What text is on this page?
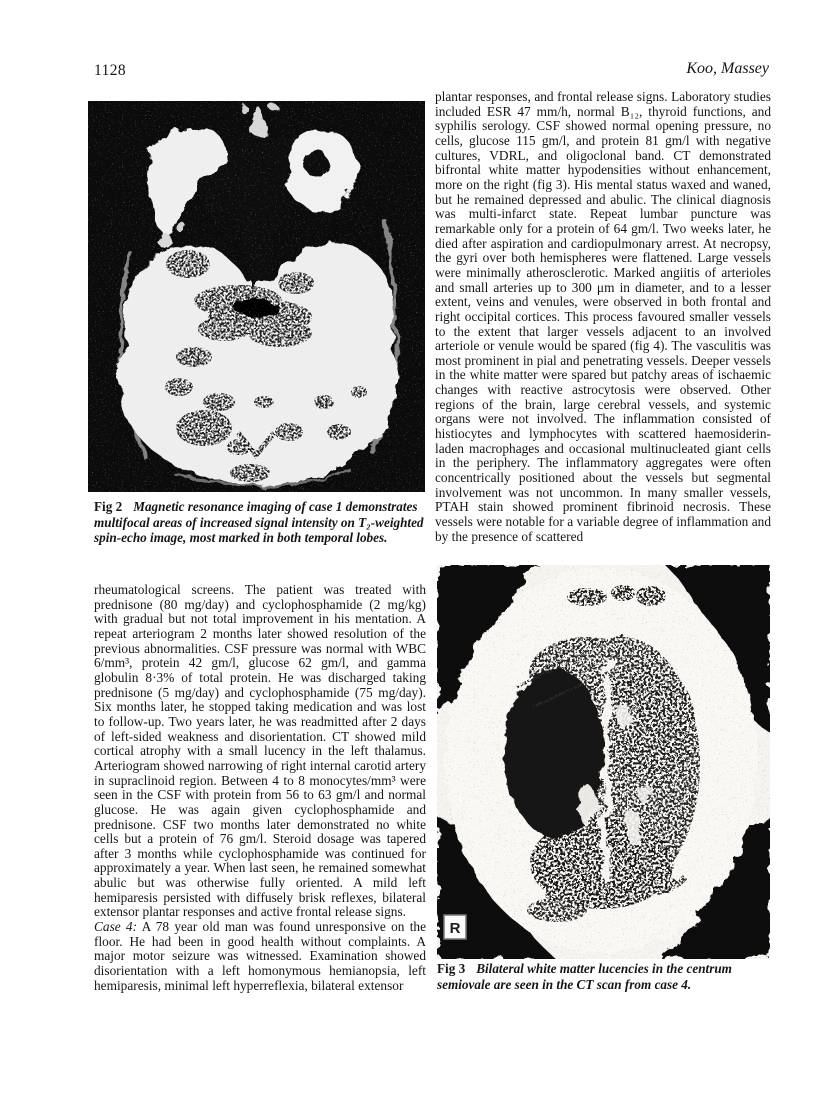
1128	Koo, Massey

Fig 2 Magnetic resonance imaging of case 1 demonstrates multifocal areas of increased signal intensity on T₂-weighted spin-echo image, most marked in both temporal lobes.

rheumatological screens. The patient was treated with prednisone (80 mg/day) and cyclophosphamide (2 mg/kg) with gradual but not total improvement in his mentation. A repeat arteriogram 2 months later showed resolution of the previous abnormalities. CSF pressure was normal with WBC 6/mm³, protein 42 gm/l, glucose 62 gm/l, and gamma globulin 8·3% of total protein. He was discharged taking prednisone (5 mg/day) and cyclophosphamide (75 mg/day). Six months later, he stopped taking medication and was lost to follow-up. Two years later, he was readmitted after 2 days of left-sided weakness and disorientation. CT showed mild cortical atrophy with a small lucency in the left thalamus. Arteriogram showed narrowing of right internal carotid artery in supraclinoid region. Between 4 to 8 monocytes/mm³ were seen in the CSF with protein from 56 to 63 gm/l and normal glucose. He was again given cyclophosphamide and prednisone. CSF two months later demonstrated no white cells but a protein of 76 gm/l. Steroid dosage was tapered after 3 months while cyclophosphamide was continued for approximately a year. When last seen, he remained somewhat abulic but was otherwise fully oriented. A mild left hemiparesis persisted with diffusely brisk reflexes, bilateral extensor plantar responses and active frontal release signs.

Case 4: A 78 year old man was found unresponsive on the floor. He had been in good health without complaints. A major motor seizure was witnessed. Examination showed disorientation with a left homonymous hemianopsia, left hemiparesis, minimal left hyperreflexia, bilateral extensor

plantar responses, and frontal release signs. Laboratory studies included ESR 47 mm/h, normal B₁₂, thyroid functions, and syphilis serology. CSF showed normal opening pressure, no cells, glucose 115 gm/l, and protein 81 gm/l with negative cultures, VDRL, and oligoclonal band. CT demonstrated bifrontal white matter hypodensities without enhancement, more on the right (fig 3). His mental status waxed and waned, but he remained depressed and abulic. The clinical diagnosis was multi-infarct state. Repeat lumbar puncture was remarkable only for a protein of 64 gm/l. Two weeks later, he died after aspiration and cardiopulmonary arrest. At necropsy, the gyri over both hemispheres were flattened. Large vessels were minimally atherosclerotic. Marked angiitis of arterioles and small arteries up to 300 μm in diameter, and to a lesser extent, veins and venules, were observed in both frontal and right occipital cortices. This process favoured smaller vessels to the extent that larger vessels adjacent to an involved arteriole or venule would be spared (fig 4). The vasculitis was most prominent in pial and penetrating vessels. Deeper vessels in the white matter were spared but patchy areas of ischaemic changes with reactive astrocytosis were observed. Other regions of the brain, large cerebral vessels, and systemic organs were not involved. The inflammation consisted of histiocytes and lymphocytes with scattered haemosiderin-laden macrophages and occasional multinucleated giant cells in the periphery. The inflammatory aggregates were often concentrically positioned about the vessels but segmental involvement was not uncommon. In many smaller vessels, PTAH stain showed prominent fibrinoid necrosis. These vessels were notable for a variable degree of inflammation and by the presence of scattered

R

Fig 3 Bilateral white matter lucencies in the centrum semiovale are seen in the CT scan from case 4.
